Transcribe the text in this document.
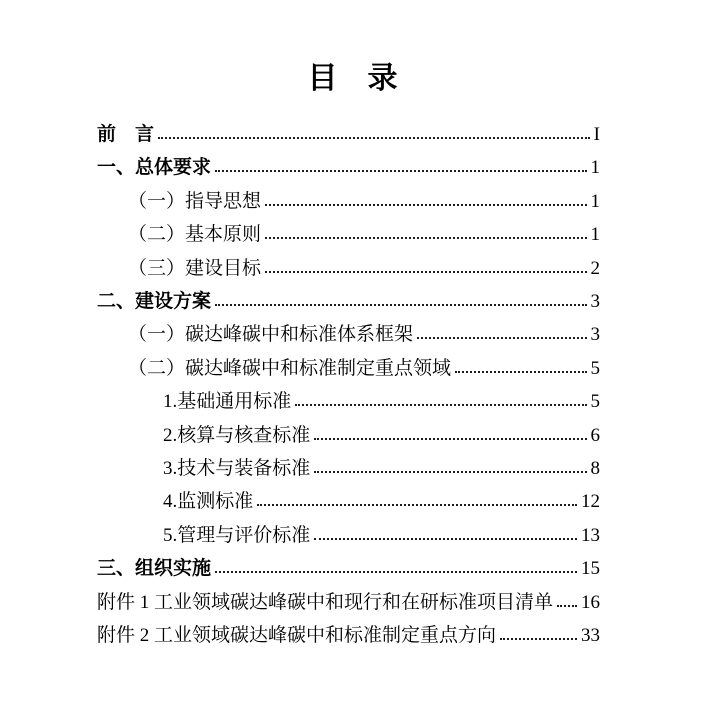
目　录
前　言	I
一、总体要求	1
（一）指导思想	1
（二）基本原则	1
（三）建设目标	2
二、建设方案	3
（一）碳达峰碳中和标准体系框架	3
（二）碳达峰碳中和标准制定重点领域	5
1.基础通用标准	5
2.核算与核查标准	6
3.技术与装备标准	8
4.监测标准	12
5.管理与评价标准	13
三、组织实施	15
附件 1 工业领域碳达峰碳中和现行和在研标准项目清单 16
附件 2 工业领域碳达峰碳中和标准制定重点方向	33
